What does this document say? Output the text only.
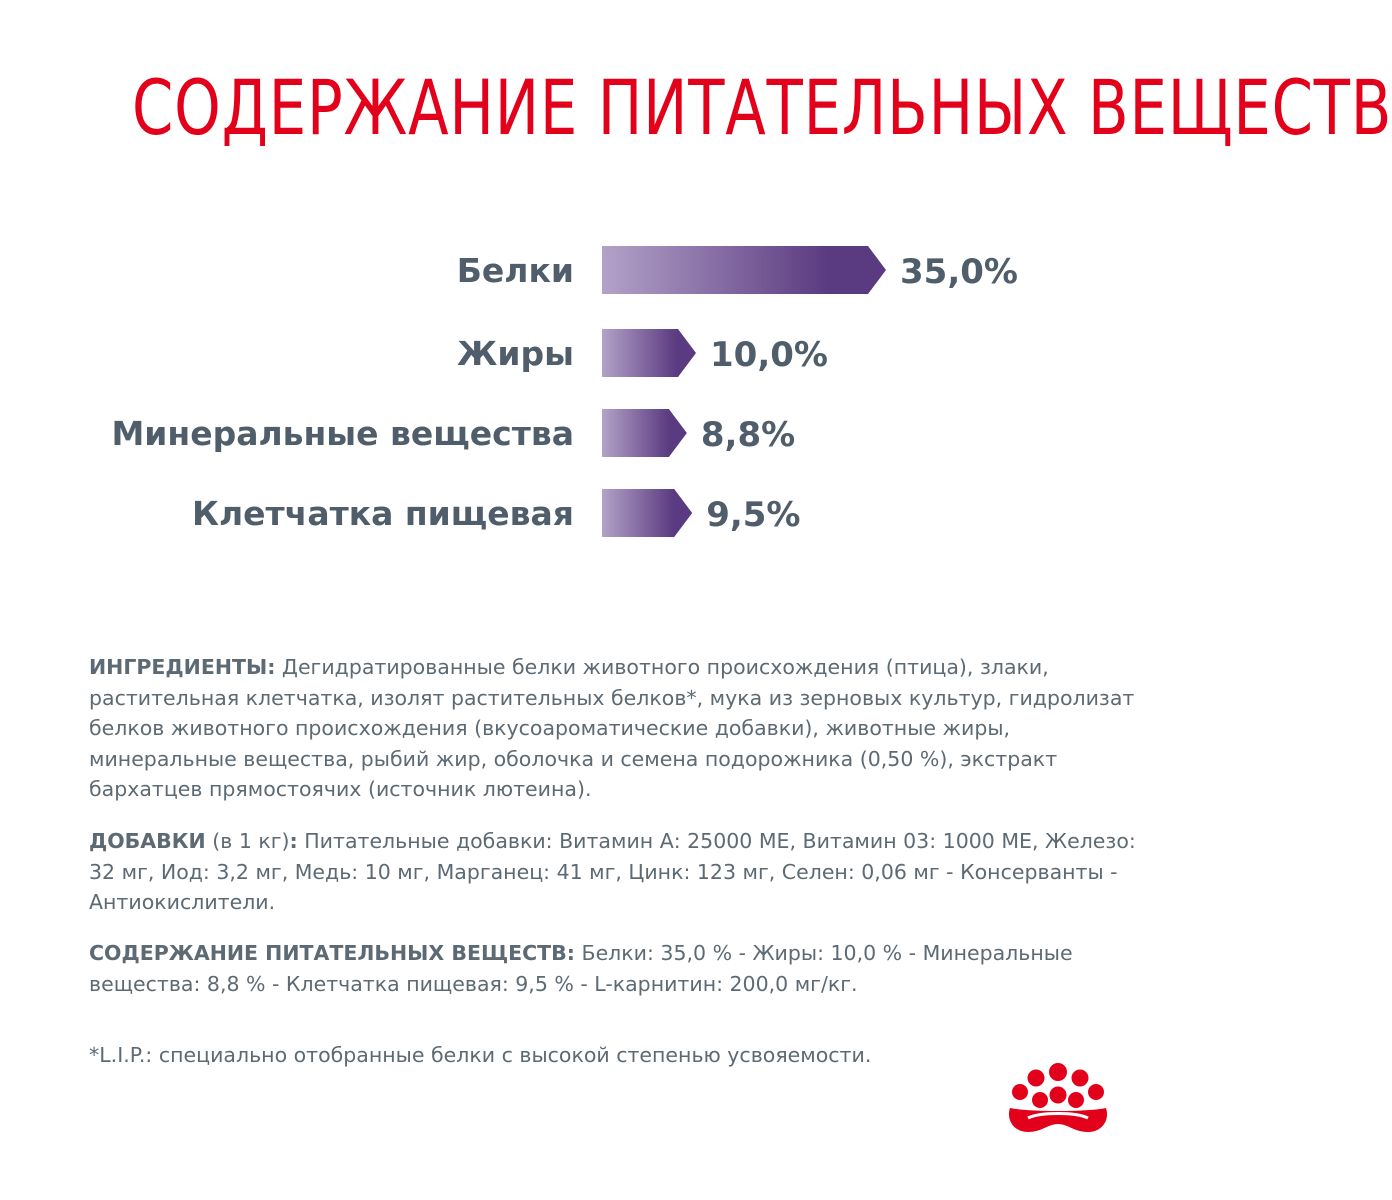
СОДЕРЖАНИЕ ПИТАТЕЛЬНЫХ ВЕЩЕСТВ
Белки	35,0%
Жиры	10,0%
Минеральные вещества	8,8%
Клетчатка пищевая	9,5%

ИНГРЕДИЕНТЫ: Дегидратированные белки животного происхождения (птица), злаки, растительная клетчатка, изолят растительных белков*, мука из зерновых культур, гидролизат белков животного происхождения (вкусоароматические добавки), животные жиры, минеральные вещества, рыбий жир, оболочка и семена подорожника (0,50 %), экстракт бархатцев прямостоячих (источник лютеина).

ДОБАВКИ (в 1 кг): Питательные добавки: Витамин А: 25000 МЕ, Витамин 03: 1000 МЕ, Железо: 32 мг, Иод: 3,2 мг, Медь: 10 мг, Марганец: 41 мг, Цинк: 123 мг, Селен: 0,06 мг - Консерванты - Антиокислители.

СОДЕРЖАНИЕ ПИТАТЕЛЬНЫХ ВЕЩЕСТВ: Белки: 35,0 % - Жиры: 10,0 % - Минеральные вещества: 8,8 % - Клетчатка пищевая: 9,5 % - L-карнитин: 200,0 мг/кг.

*L.I.P.: специально отобранные белки с высокой степенью усвояемости.
